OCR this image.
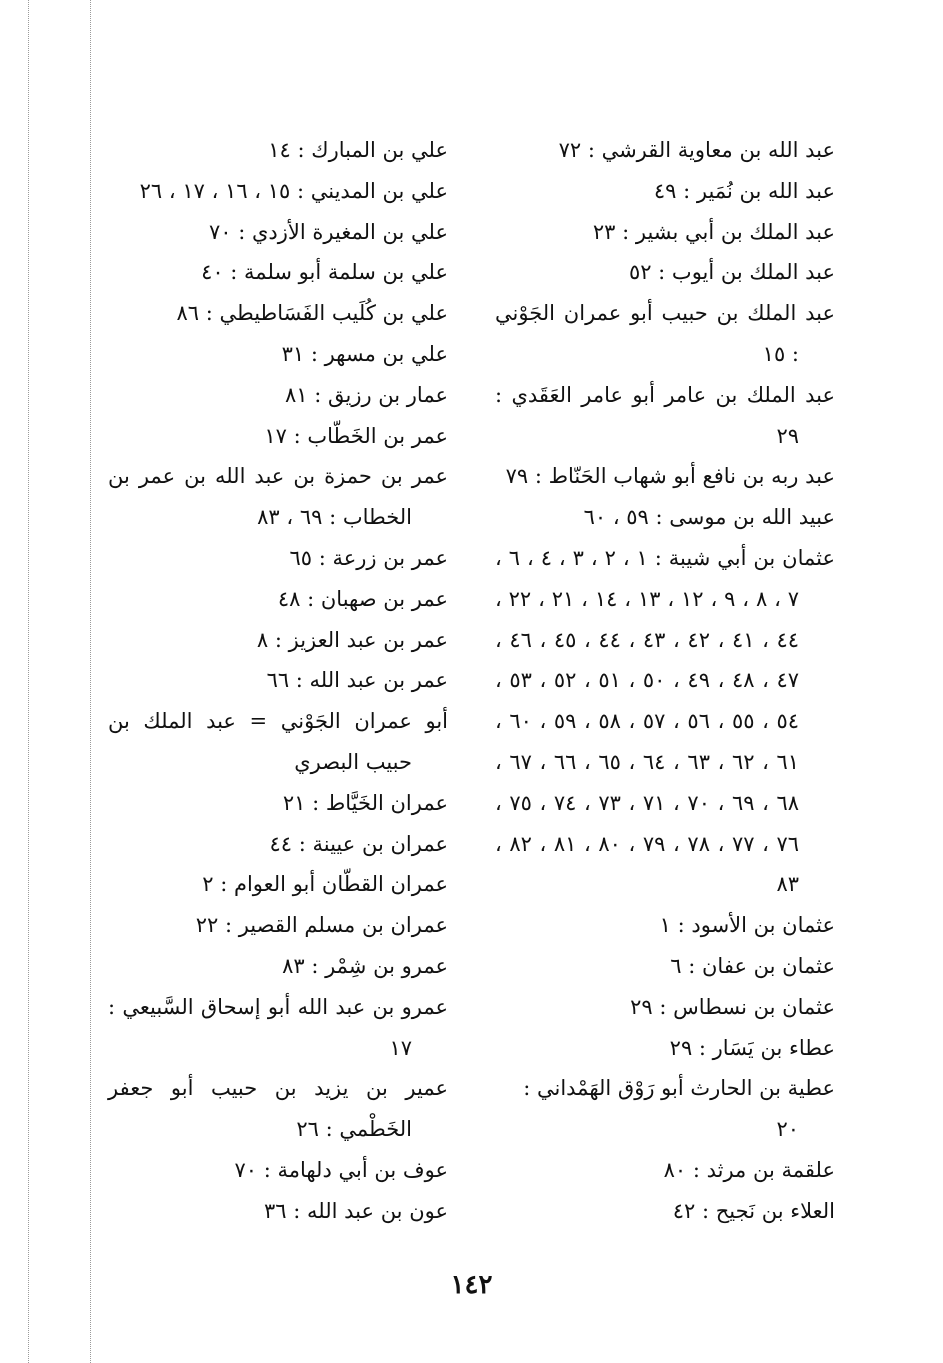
عبد الله بن معاوية القرشي : ٧٢

عبد الله بن نُمَير : ٤٩

عبد الملك بن أبي بشير : ٢٣

عبد الملك بن أيوب : ٥٢

عبد الملك بن حبيب أبو عمران الجَوْني : ١٥

عبد الملك بن عامر أبو عامر العَقَدي : ٢٩

عبد ربه بن نافع أبو شهاب الحَنّاط : ٧٩

عبيد الله بن موسى : ٥٩ ، ٦٠

عثمان بن أبي شيبة : ١ ، ٢ ، ٣ ، ٤ ، ٦ ، ٧ ، ٨ ، ٩ ، ١٢ ، ١٣ ، ١٤ ، ٢١ ، ٢٢ ، ٤٤ ، ٤١ ، ٤٢ ، ٤٣ ، ٤٤ ، ٤٥ ، ٤٦ ، ٤٧ ، ٤٨ ، ٤٩ ، ٥٠ ، ٥١ ، ٥٢ ، ٥٣ ، ٥٤ ، ٥٥ ، ٥٦ ، ٥٧ ، ٥٨ ، ٥٩ ، ٦٠ ، ٦١ ، ٦٢ ، ٦٣ ، ٦٤ ، ٦٥ ، ٦٦ ، ٦٧ ، ٦٨ ، ٦٩ ، ٧٠ ، ٧١ ، ٧٣ ، ٧٤ ، ٧٥ ، ٧٦ ، ٧٧ ، ٧٨ ، ٧٩ ، ٨٠ ، ٨١ ، ٨٢ ، ٨٣

عثمان بن الأسود : ١

عثمان بن عفان : ٦

عثمان بن نسطاس : ٢٩

عطاء بن يَسَار : ٢٩

عطية بن الحارث أبو رَوْق الهَمْداني : ٢٠

علقمة بن مرثد : ٨٠

العلاء بن نَجيح : ٤٢

علي بن المبارك : ١٤

علي بن المديني : ١٥ ، ١٦ ، ١٧ ، ٢٦

علي بن المغيرة الأزدي : ٧٠

علي بن سلمة أبو سلمة : ٤٠

علي بن كُلَيب الفَسَاطيطي : ٨٦

علي بن مسهر : ٣١

عمار بن رزيق : ٨١

عمر بن الخَطّاب : ١٧

عمر بن حمزة بن عبد الله بن عمر بن الخطاب : ٦٩ ، ٨٣

عمر بن زرعة : ٦٥

عمر بن صهبان : ٤٨

عمر بن عبد العزيز : ٨

عمر بن عبد الله : ٦٦

أبو عمران الجَوْني = عبد الملك بن حبيب البصري

عمران الخَيَّاط : ٢١

عمران بن عيينة : ٤٤

عمران القطّان أبو العوام : ٢

عمران بن مسلم القصير : ٢٢

عمرو بن شِمْر : ٨٣

عمرو بن عبد الله أبو إسحاق السَّبيعي : ١٧

عمير بن يزيد بن حبيب أبو جعفر الخَطْمي : ٢٦

عوف بن أبي دلهامة : ٧٠

عون بن عبد الله : ٣٦

١٤٢
